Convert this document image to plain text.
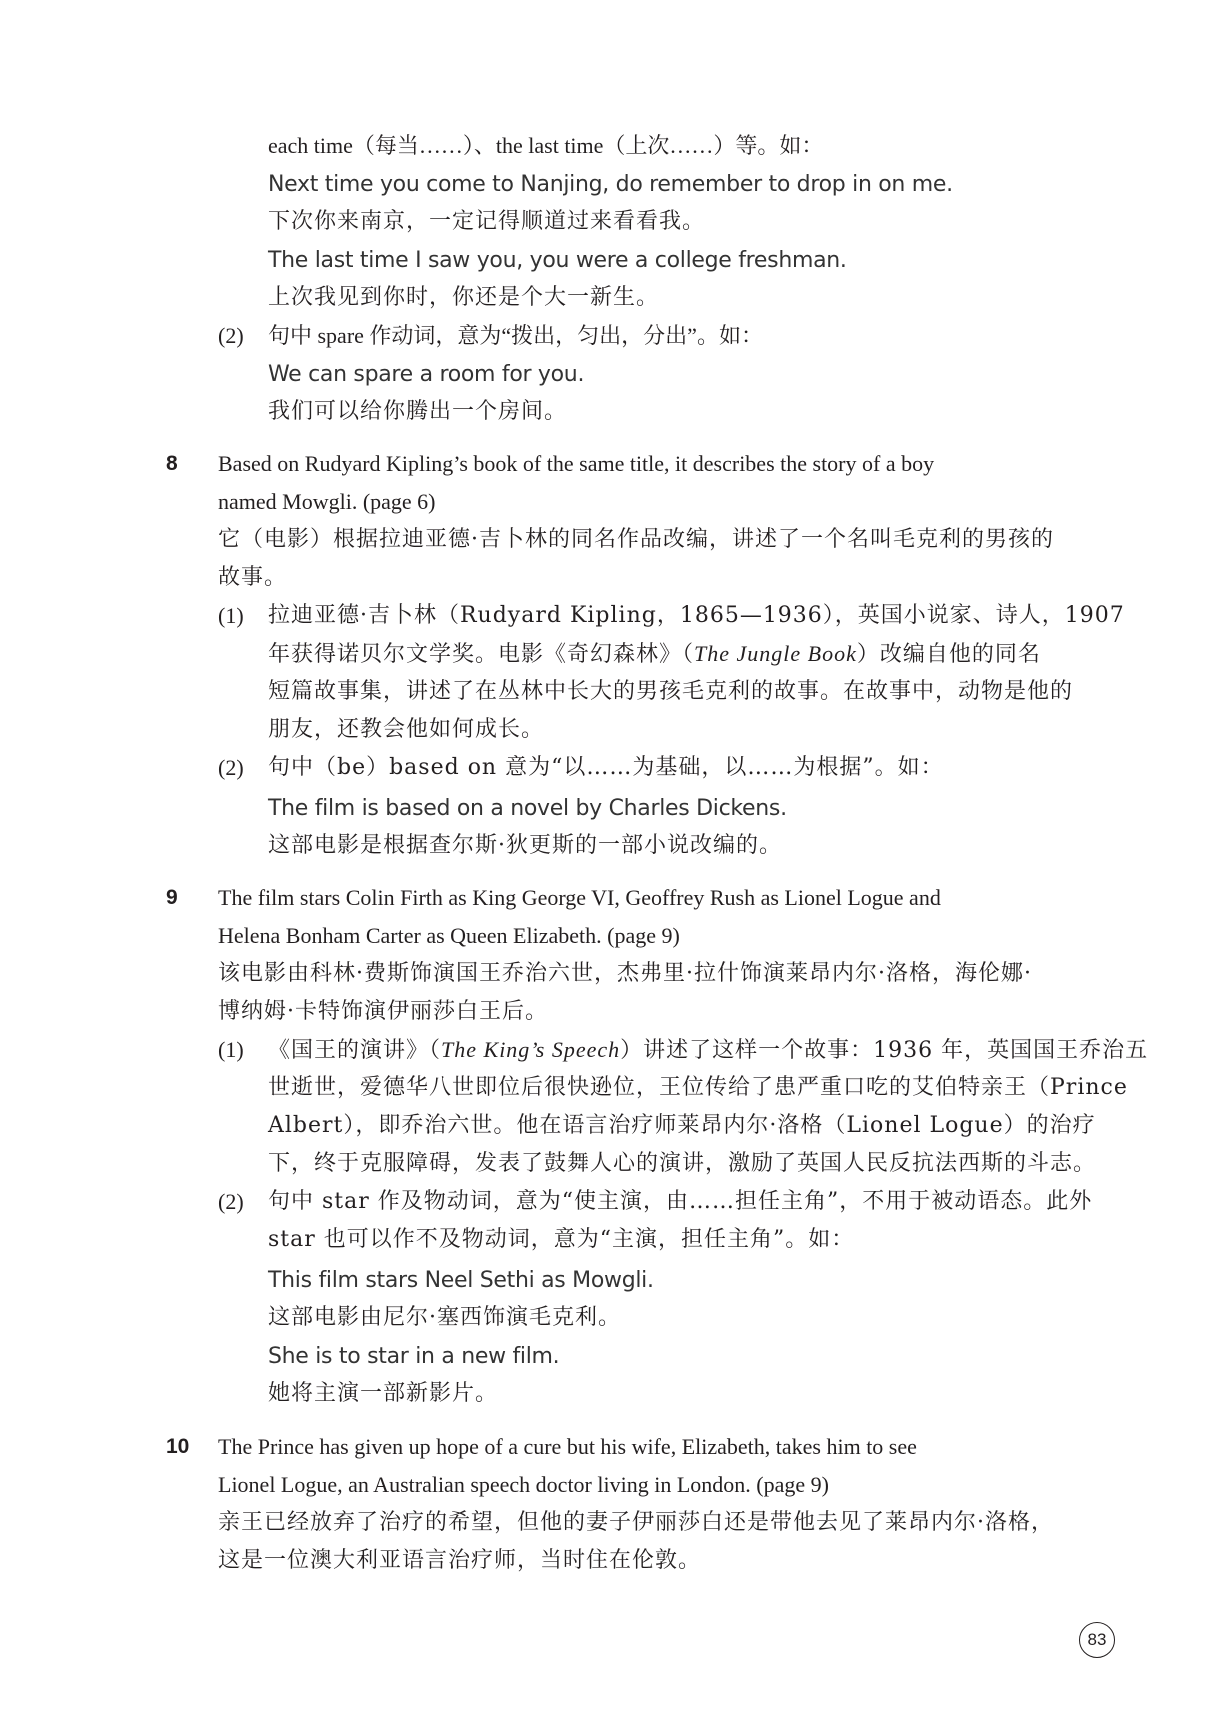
each time（每当……）、the last time（上次……）等。如：
Next time you come to Nanjing, do remember to drop in on me.
下次你来南京，一定记得顺道过来看看我。
The last time I saw you, you were a college freshman.
上次我见到你时，你还是个大一新生。
(2) 句中 spare 作动词，意为“拨出，匀出，分出”。如：
We can spare a room for you.
我们可以给你腾出一个房间。
8 Based on Rudyard Kipling’s book of the same title, it describes the story of a boy
named Mowgli. (page 6)
它（电影）根据拉迪亚德·吉卜林的同名作品改编，讲述了一个名叫毛克利的男孩的
故事。
(1) 拉迪亚德·吉卜林（Rudyard Kipling，1865—1936），英国小说家、诗人，1907
年获得诺贝尔文学奖。电影《奇幻森林》（The Jungle Book）改编自他的同名
短篇故事集，讲述了在丛林中长大的男孩毛克利的故事。在故事中，动物是他的
朋友，还教会他如何成长。
(2) 句中（be）based on 意为“以……为基础，以……为根据”。如：
The film is based on a novel by Charles Dickens.
这部电影是根据查尔斯·狄更斯的一部小说改编的。
9 The film stars Colin Firth as King George VI, Geoffrey Rush as Lionel Logue and
Helena Bonham Carter as Queen Elizabeth. (page 9)
该电影由科林·费斯饰演国王乔治六世，杰弗里·拉什饰演莱昂内尔·洛格，海伦娜·
博纳姆·卡特饰演伊丽莎白王后。
(1) 《国王的演讲》（The King’s Speech）讲述了这样一个故事：1936 年，英国国王乔治五
世逝世，爱德华八世即位后很快逊位，王位传给了患严重口吃的艾伯特亲王（Prince
Albert），即乔治六世。他在语言治疗师莱昂内尔·洛格（Lionel Logue）的治疗
下，终于克服障碍，发表了鼓舞人心的演讲，激励了英国人民反抗法西斯的斗志。
(2) 句中 star 作及物动词，意为“使主演，由……担任主角”，不用于被动语态。此外
star 也可以作不及物动词，意为“主演，担任主角”。如：
This film stars Neel Sethi as Mowgli.
这部电影由尼尔·塞西饰演毛克利。
She is to star in a new film.
她将主演一部新影片。
10 The Prince has given up hope of a cure but his wife, Elizabeth, takes him to see
Lionel Logue, an Australian speech doctor living in London. (page 9)
亲王已经放弃了治疗的希望，但他的妻子伊丽莎白还是带他去见了莱昂内尔·洛格，
这是一位澳大利亚语言治疗师，当时住在伦敦。
83
